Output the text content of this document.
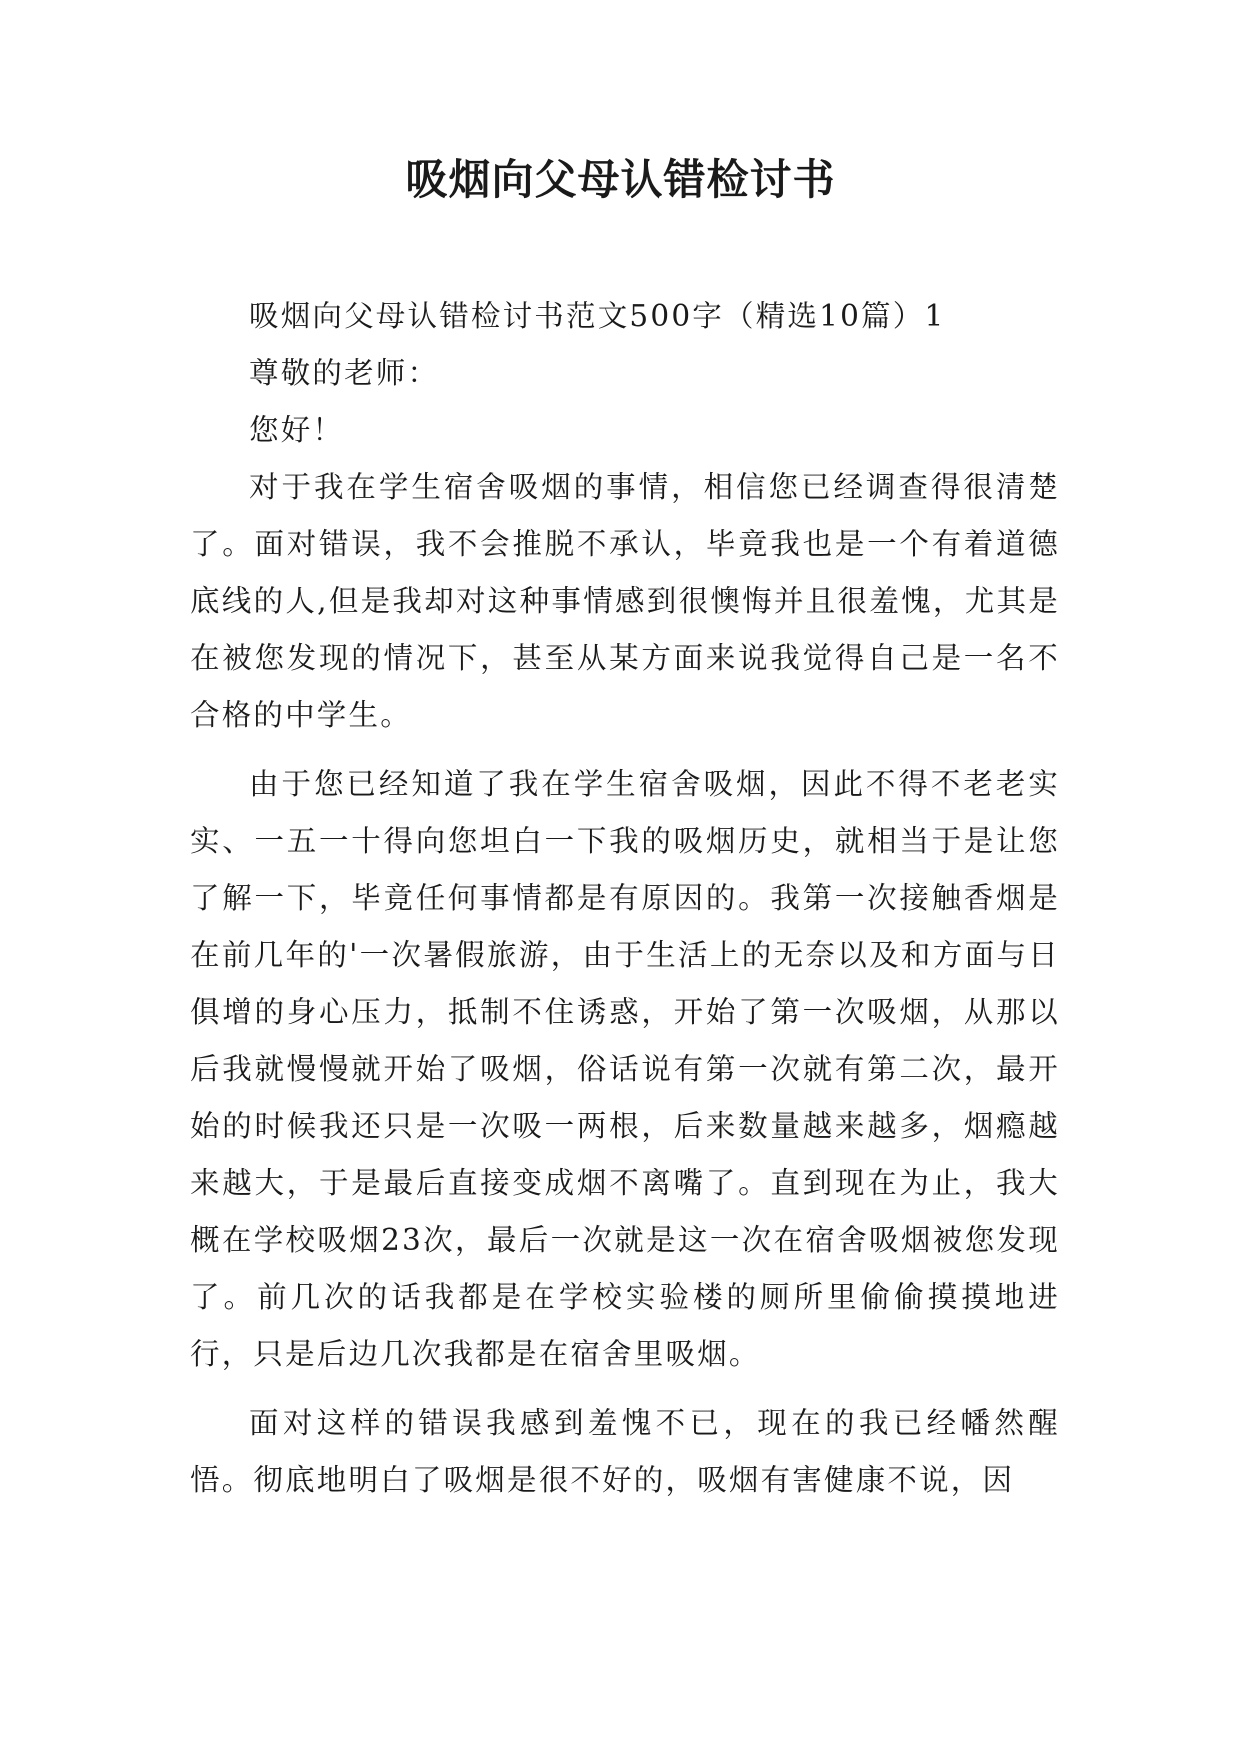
吸烟向父母认错检讨书

吸烟向父母认错检讨书范文500字（精选10篇）1

尊敬的老师：

您好！

对于我在学生宿舍吸烟的事情，相信您已经调查得很清楚了。面对错误，我不会推脱不承认，毕竟我也是一个有着道德底线的人,但是我却对这种事情感到很懊悔并且很羞愧，尤其是在被您发现的情况下，甚至从某方面来说我觉得自己是一名不合格的中学生。

由于您已经知道了我在学生宿舍吸烟，因此不得不老老实实、一五一十得向您坦白一下我的吸烟历史，就相当于是让您了解一下，毕竟任何事情都是有原因的。我第一次接触香烟是在前几年的'一次暑假旅游，由于生活上的无奈以及和方面与日俱增的身心压力，抵制不住诱惑，开始了第一次吸烟，从那以后我就慢慢就开始了吸烟，俗话说有第一次就有第二次，最开始的时候我还只是一次吸一两根，后来数量越来越多，烟瘾越来越大，于是最后直接变成烟不离嘴了。直到现在为止，我大概在学校吸烟23次，最后一次就是这一次在宿舍吸烟被您发现了。前几次的话我都是在学校实验楼的厕所里偷偷摸摸地进行，只是后边几次我都是在宿舍里吸烟。

面对这样的错误我感到羞愧不已，现在的我已经幡然醒悟。彻底地明白了吸烟是很不好的，吸烟有害健康不说，因
